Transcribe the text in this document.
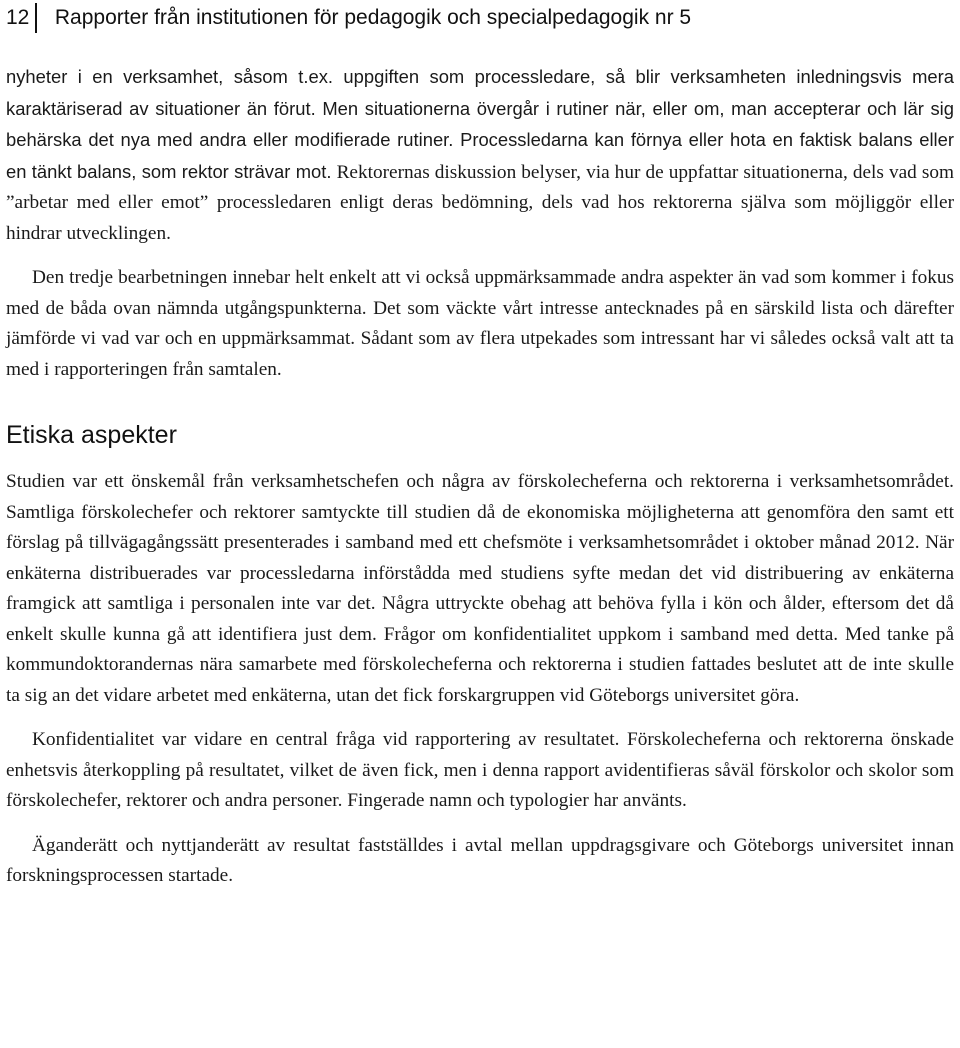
12 Rapporter från institutionen för pedagogik och specialpedagogik nr 5

nyheter i en verksamhet, såsom t.ex. uppgiften som processledare, så blir verksamheten inledningsvis mera karaktäriserad av situationer än förut. Men situationerna övergår i rutiner när, eller om, man accepterar och lär sig behärska det nya med andra eller modifierade rutiner. Processledarna kan förnya eller hota en faktisk balans eller en tänkt balans, som rektor strävar mot. Rektorernas diskussion belyser, via hur de uppfattar situationerna, dels vad som ”arbetar med eller emot” processledaren enligt deras bedömning, dels vad hos rektorerna själva som möjliggör eller hindrar utvecklingen.

Den tredje bearbetningen innebar helt enkelt att vi också uppmärksammade andra aspekter än vad som kommer i fokus med de båda ovan nämnda utgångspunkterna. Det som väckte vårt intresse antecknades på en särskild lista och därefter jämförde vi vad var och en uppmärksammat. Sådant som av flera utpekades som intressant har vi således också valt att ta med i rapporteringen från samtalen.

Etiska aspekter

Studien var ett önskemål från verksamhetschefen och några av förskolecheferna och rektorerna i verksamhetsområdet. Samtliga förskolechefer och rektorer samtyckte till studien då de ekonomiska möjligheterna att genomföra den samt ett förslag på tillvägagångssätt presenterades i samband med ett chefsmöte i verksamhetsområdet i oktober månad 2012. När enkäterna distribuerades var processledarna införstådda med studiens syfte medan det vid distribuering av enkäterna framgick att samtliga i personalen inte var det. Några uttryckte obehag att behöva fylla i kön och ålder, eftersom det då enkelt skulle kunna gå att identifiera just dem. Frågor om konfidentialitet uppkom i samband med detta. Med tanke på kommundoktorandernas nära samarbete med förskolecheferna och rektorerna i studien fattades beslutet att de inte skulle ta sig an det vidare arbetet med enkäterna, utan det fick forskargruppen vid Göteborgs universitet göra.

Konfidentialitet var vidare en central fråga vid rapportering av resultatet. Förskolecheferna och rektorerna önskade enhetsvis återkoppling på resultatet, vilket de även fick, men i denna rapport avidentifieras såväl förskolor och skolor som förskolechefer, rektorer och andra personer. Fingerade namn och typologier har använts.

Äganderätt och nyttjanderätt av resultat fastställdes i avtal mellan uppdragsgivare och Göteborgs universitet innan forskningsprocessen startade.
